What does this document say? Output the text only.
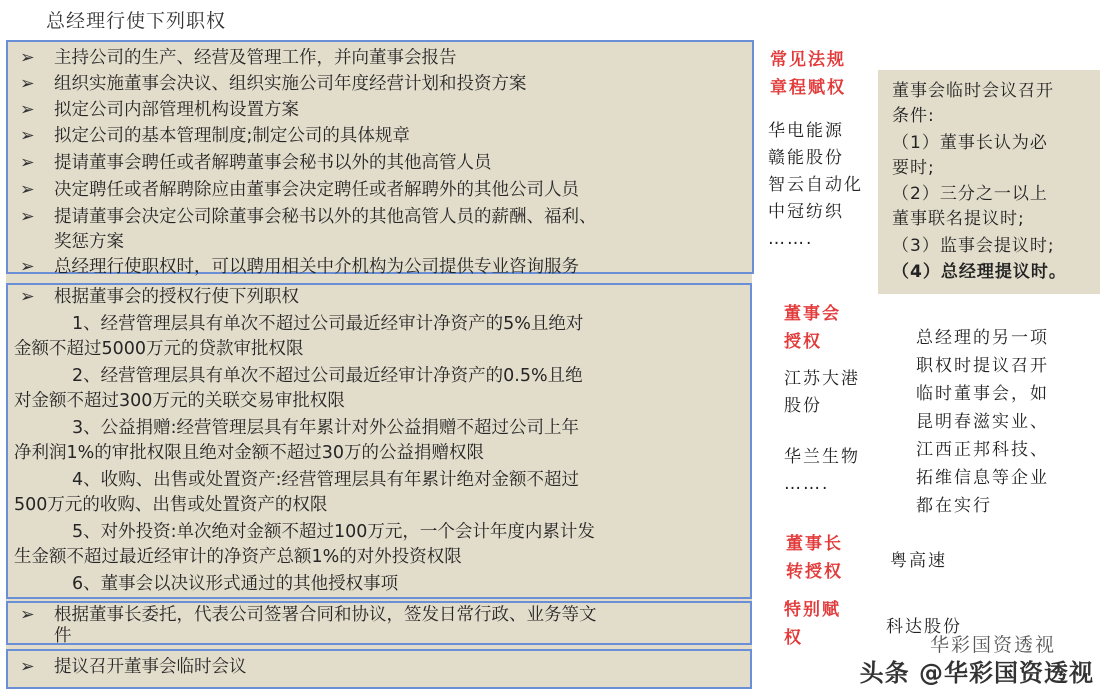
总经理行使下列职权
➢ 主持公司的生产、经营及管理工作，并向董事会报告
➢ 组织实施董事会决议、组织实施公司年度经营计划和投资方案
➢ 拟定公司内部管理机构设置方案
➢ 拟定公司的基本管理制度;制定公司的具体规章
➢ 提请董事会聘任或者解聘董事会秘书以外的其他高管人员
➢ 决定聘任或者解聘除应由董事会决定聘任或者解聘外的其他公司人员
➢ 提请董事会决定公司除董事会秘书以外的其他高管人员的薪酬、福利、
奖惩方案
➢ 总经理行使职权时，可以聘用相关中介机构为公司提供专业咨询服务
➢ 根据董事会的授权行使下列职权
1、经营管理层具有单次不超过公司最近经审计净资产的5%且绝对
金额不超过5000万元的贷款审批权限
2、经营管理层具有单次不超过公司最近经审计净资产的0.5%且绝
对金额不超过300万元的关联交易审批权限
3、公益捐赠:经营管理层具有年累计对外公益捐赠不超过公司上年
净利润1%的审批权限且绝对金额不超过30万的公益捐赠权限
4、收购、出售或处置资产:经营管理层具有年累计绝对金额不超过
500万元的收购、出售或处置资产的权限
5、对外投资:单次绝对金额不超过100万元，一个会计年度内累计发
生金额不超过最近经审计的净资产总额1%的对外投资权限
6、董事会以决议形式通过的其他授权事项
➢ 根据董事长委托，代表公司签署合同和协议，签发日常行政、业务等文
件
➢ 提议召开董事会临时会议
常见法规
章程赋权
华电能源
赣能股份
智云自动化
中冠纺织
…….
董事会
授权
江苏大港
股份
华兰生物
…….
董事长
转授权
粤高速
特别赋
权
科达股份
总经理的另一项
职权时提议召开
临时董事会，如
昆明春滋实业、
江西正邦科技、
拓维信息等企业
都在实行
董事会临时会议召开
条件:
（1）董事长认为必
要时;
（2）三分之一以上
董事联名提议时;
（3）监事会提议时;
（4）总经理提议时。
华彩国资透视
头条 @华彩国资透视
